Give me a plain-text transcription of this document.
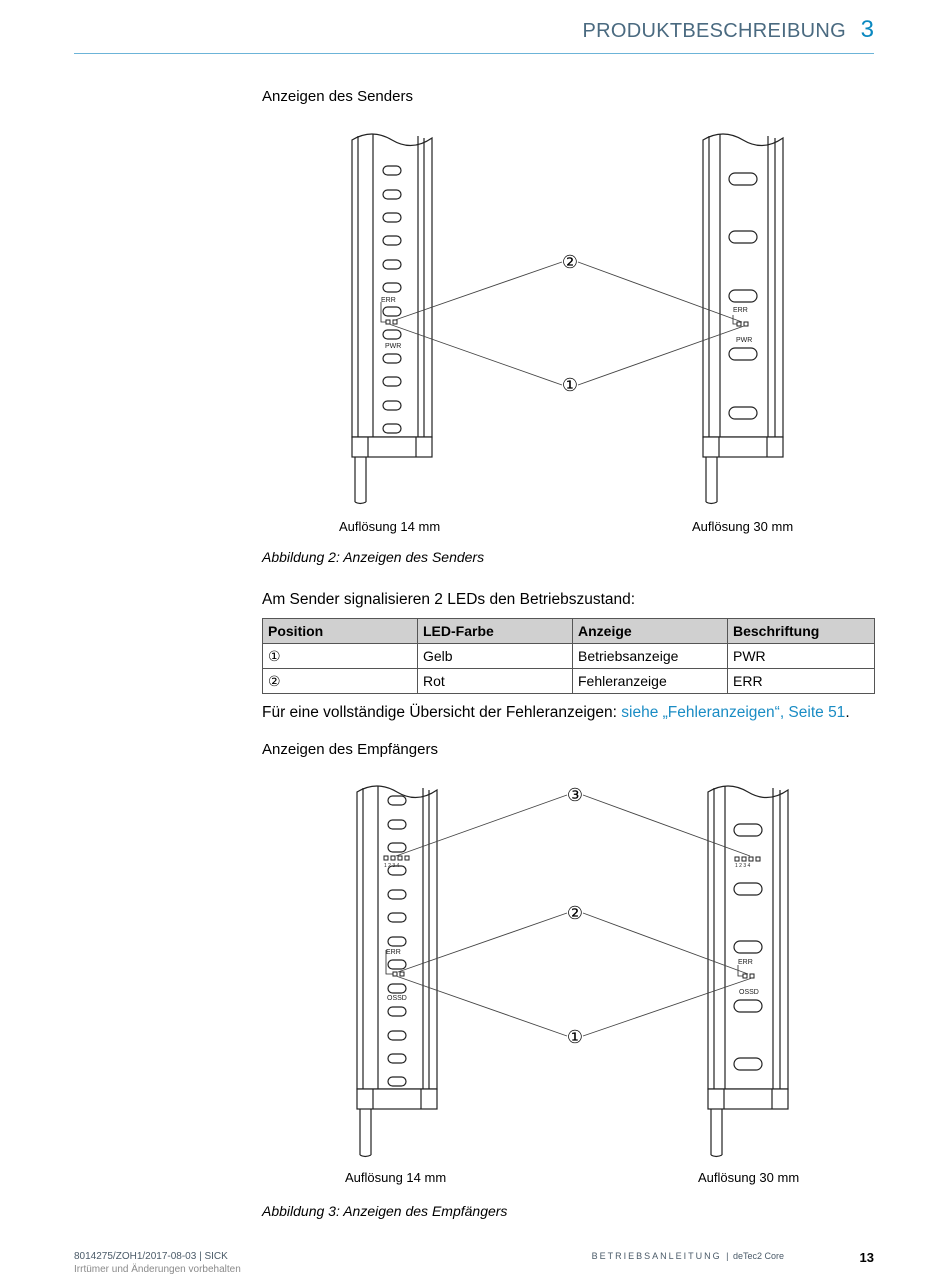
PRODUKTBESCHREIBUNG 3
Anzeigen des Senders
ERR
PWR
ERR
PWR
②
①
Auflösung 14 mm	Auflösung 30 mm
Abbildung 2: Anzeigen des Senders
Am Sender signalisieren 2 LEDs den Betriebszustand:
Position	LED-Farbe	Anzeige	Beschriftung
①	Gelb	Betriebsanzeige	PWR
②	Rot	Fehleranzeige	ERR
Für eine vollständige Übersicht der Fehleranzeigen: siehe „Fehleranzeigen“, Seite 51.
Anzeigen des Empfängers
ERR
OSSD
1 2 3 4
ERR
OSSD
1 2 3 4
③
②
①
Auflösung 14 mm	Auflösung 30 mm
Abbildung 3: Anzeigen des Empfängers
8014275/ZOH1/2017-08-03 | SICK
Irrtümer und Änderungen vorbehalten
BETRIEBSANLEITUNG | deTec2 Core	13
